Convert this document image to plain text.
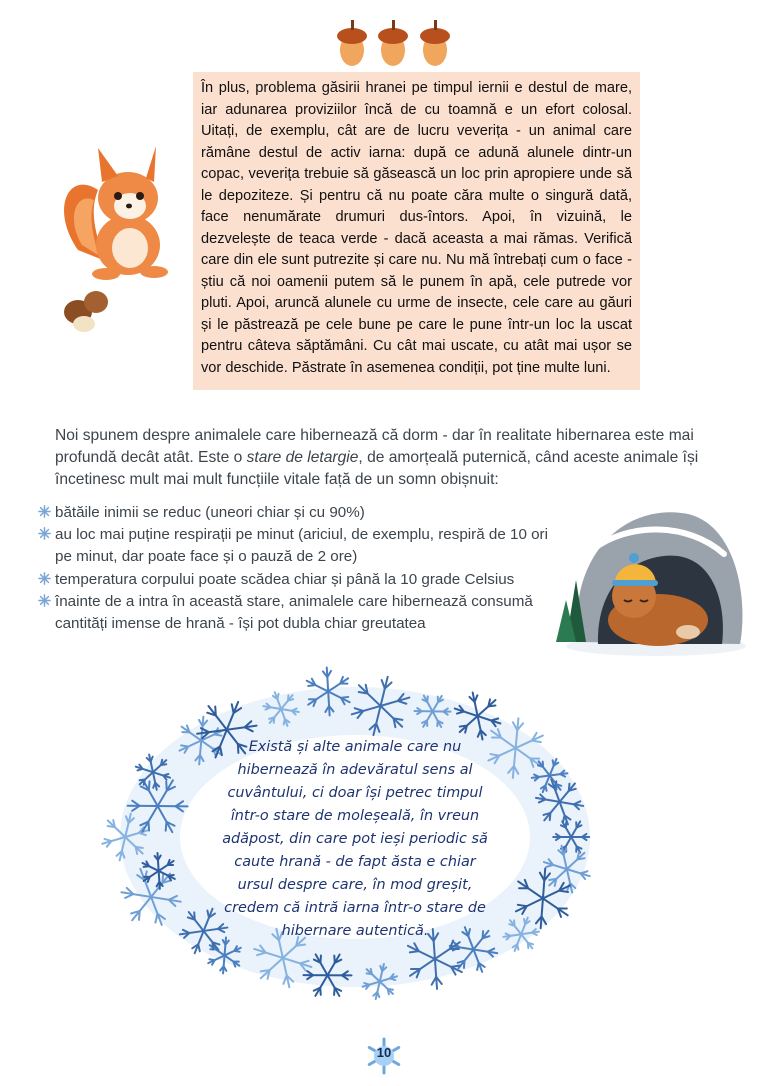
În plus, problema găsirii hranei pe timpul iernii e destul de mare, iar adunarea proviziilor încă de cu toamnă e un efort colosal. Uitați, de exemplu, cât are de lucru veverița - un animal care rămâne destul de activ iarna: după ce adună alunele dintr-un copac, veverița trebuie să găsească un loc prin apropiere unde să le depoziteze. Și pentru că nu poate căra multe o singură dată, face nenumărate drumuri dus-întors. Apoi, în vizuină, le dezvelește de teaca verde - dacă aceasta a mai rămas. Verifică care din ele sunt putrezite și care nu. Nu mă întrebați cum o face - știu că noi oamenii putem să le punem în apă, cele putrede vor pluti. Apoi, aruncă alunele cu urme de insecte, cele care au găuri și le păstrează pe cele bune pe care le pune într-un loc la uscat pentru câteva săptămâni. Cu cât mai uscate, cu atât mai ușor se vor deschide. Păstrate în asemenea condiții, pot ține multe luni.

Noi spunem despre animalele care hibernează că dorm - dar în realitate hibernarea este mai profundă decât atât. Este o stare de letargie, de amorțeală puternică, când aceste animale își încetinesc mult mai mult funcțiile vitale față de un somn obișnuit:

bătăile inimii se reduc (uneori chiar și cu 90%)
au loc mai puține respirații pe minut (ariciul, de exemplu, respiră de 10 ori pe minut, dar poate face și o pauză de 2 ore)
temperatura corpului poate scădea chiar și până la 10 grade Celsius
înainte de a intra în această stare, animalele care hibernează consumă cantități imense de hrană - își pot dubla chiar greutatea
Există și alte animale care nu hibernează în adevăratul sens al cuvântului, ci doar își petrec timpul într-o stare de moleșeală, în vreun adăpost, din care pot ieși periodic să caute hrană - de fapt ăsta e chiar ursul despre care, în mod greșit, credem că intră iarna într-o stare de hibernare autentică.
10
